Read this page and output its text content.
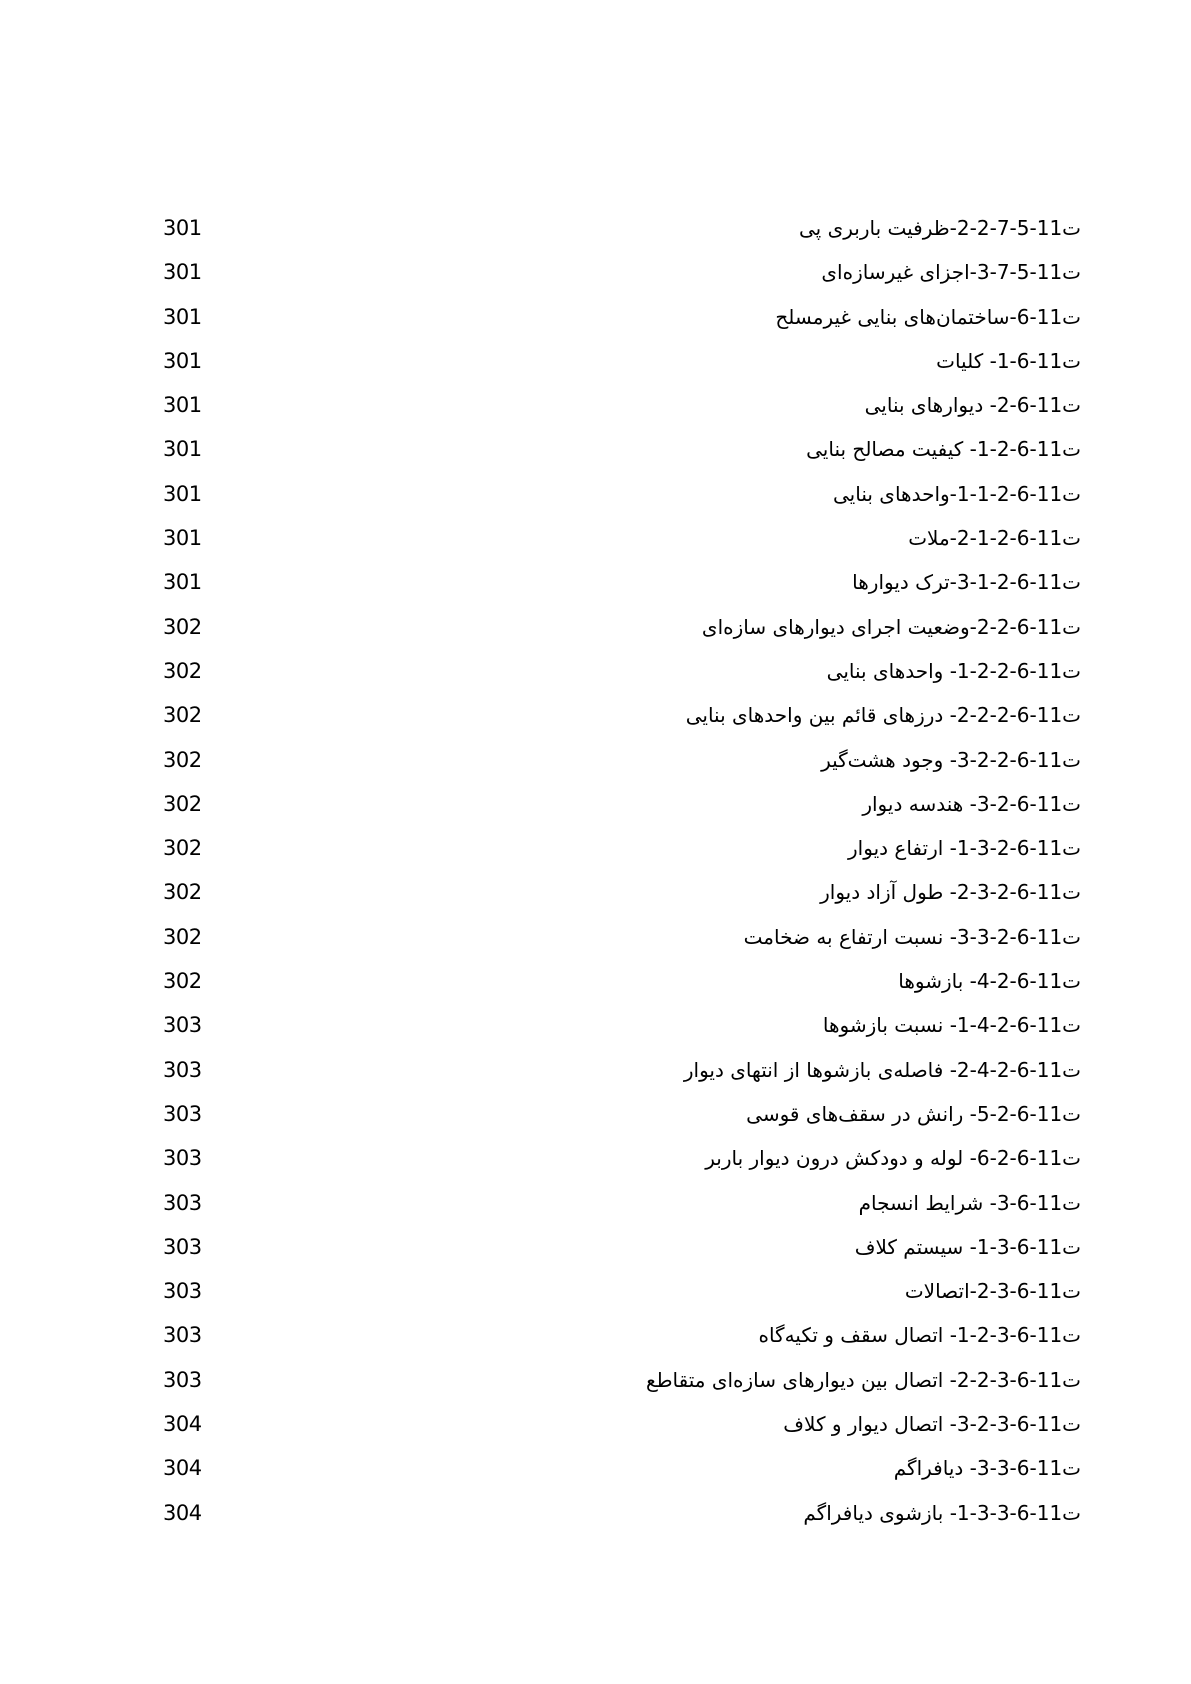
ت11-5-7-2-2-ظرفیت باربری پی
301
ت11-5-7-3-اجزای غیرسازه‌ای
301
ت11-6-ساختمان‌های بنایی غیرمسلح
301
ت11-6-1- کلیات
301
ت11-6-2- دیوارهای بنایی
301
ت11-6-2-1- کیفیت مصالح بنایی
301
ت11-6-2-1-1-واحدهای بنایی
301
ت11-6-2-1-2-ملات
301
ت11-6-2-1-3-ترک دیوارها
301
ت11-6-2-2-وضعیت اجرای دیوارهای سازه‌ای
302
ت11-6-2-2-1- واحدهای بنایی
302
ت11-6-2-2-2- درزهای قائم بین واحدهای بنایی
302
ت11-6-2-2-3- وجود هشت‌گیر
302
ت11-6-2-3- هندسه دیوار
302
ت11-6-2-3-1- ارتفاع دیوار
302
ت11-6-2-3-2- طول آزاد دیوار
302
ت11-6-2-3-3- نسبت ارتفاع به ضخامت
302
ت11-6-2-4- بازشوها
302
ت11-6-2-4-1- نسبت بازشوها
303
ت11-6-2-4-2- فاصله‌ی بازشوها از انتهای دیوار
303
ت11-6-2-5- رانش در سقف‌های قوسی
303
ت11-6-2-6- لوله و دودکش درون دیوار باربر
303
ت11-6-3- شرایط انسجام
303
ت11-6-3-1- سیستم کلاف
303
ت11-6-3-2-اتصالات
303
ت11-6-3-2-1- اتصال سقف و تکیه‌گاه
303
ت11-6-3-2-2- اتصال بین دیوارهای سازه‌ای متقاطع
303
ت11-6-3-2-3- اتصال دیوار و کلاف
304
ت11-6-3-3- دیافراگم
304
ت11-6-3-3-1- بازشوی دیافراگم
304
